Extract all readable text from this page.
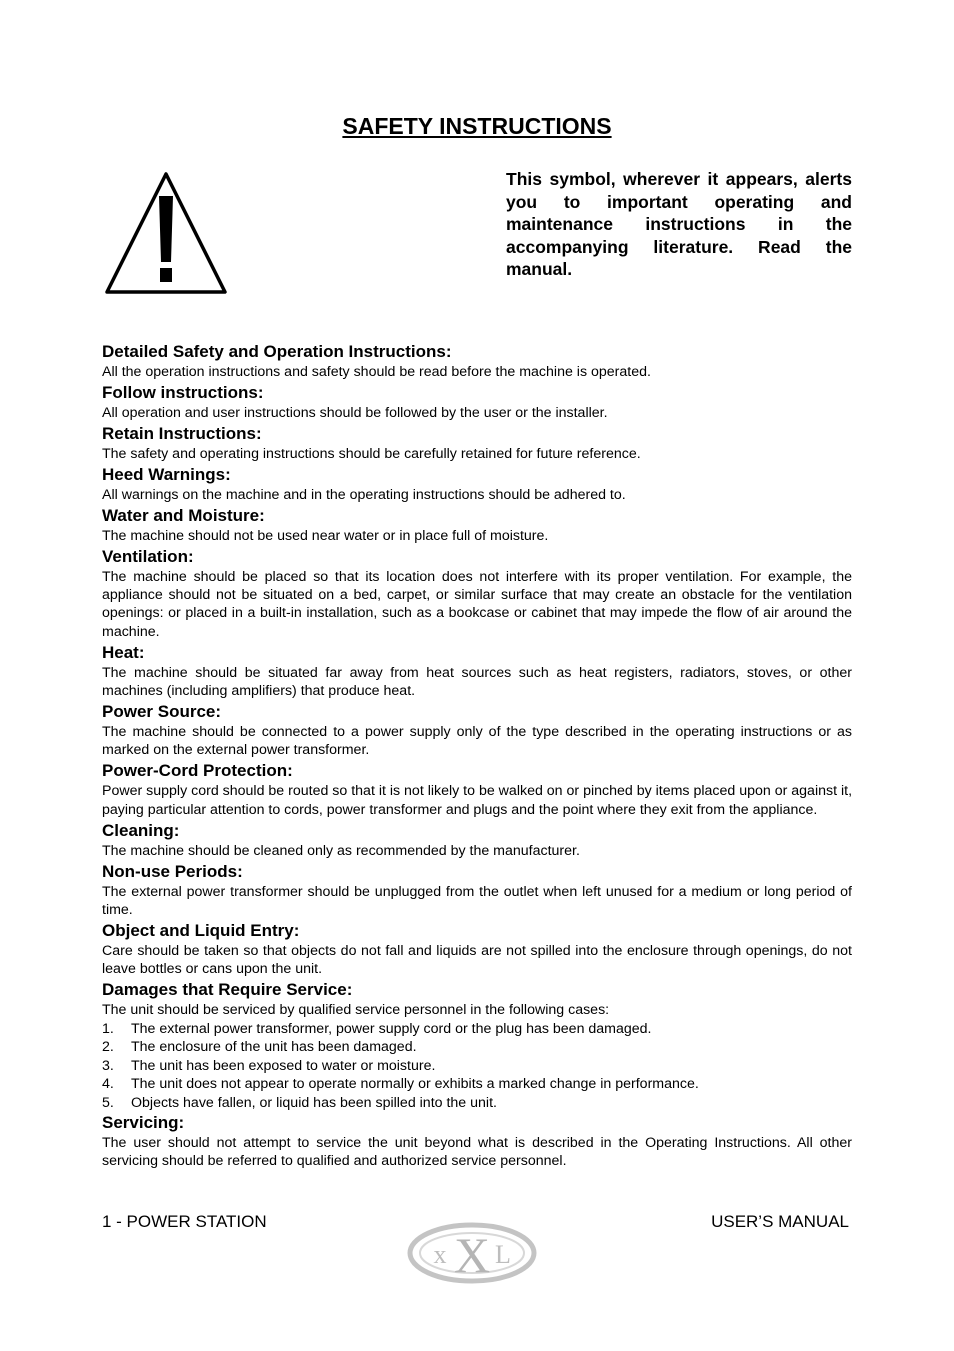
SAFETY INSTRUCTIONS

This symbol, wherever it appears, alerts you to important operating and maintenance instructions in the accompanying literature. Read the manual.

Detailed Safety and Operation Instructions:

All the operation instructions and safety should be read before the machine is operated.

Follow instructions:

All operation and user instructions should be followed by the user or the installer.

Retain Instructions:

The safety and operating instructions should be carefully retained for future reference.

Heed Warnings:

All warnings on the machine and in the operating instructions should be adhered to.

Water and Moisture:

The machine should not be used near water or in place full of moisture.

Ventilation:

The machine should be placed so that its location does not interfere with its proper ventilation. For example, the appliance should not be situated on a bed, carpet, or similar surface that may create an obstacle for the ventilation openings: or placed in a built-in installation, such as a bookcase or cabinet that may impede the flow of air around the machine.

Heat:

The machine should be situated far away from heat sources such as heat registers, radiators, stoves, or other machines (including amplifiers) that produce heat.

Power Source:

The machine should be connected to a power supply only of the type described in the operating instructions or as marked on the external power transformer.

Power-Cord Protection:

Power supply cord should be routed so that it is not likely to be walked on or pinched by items placed upon or against it, paying particular attention to cords, power transformer and plugs and the point where they exit from the appliance.

Cleaning:

The machine should be cleaned only as recommended by the manufacturer.

Non-use Periods:

The external power transformer should be unplugged from the outlet when left unused for a medium or long period of time.

Object and Liquid Entry:

Care should be taken so that objects do not fall and liquids are not spilled into the enclosure through openings, do not leave bottles or cans upon the unit.

Damages that Require Service:

The unit should be serviced by qualified service personnel in the following cases:

1.	The external power transformer, power supply cord or the plug has been damaged.
2.	The enclosure of the unit has been damaged.
3.	The unit has been exposed to water or moisture.
4.	The unit does not appear to operate normally or exhibits a marked change in performance.
5.	Objects have fallen, or liquid has been spilled into the unit.
Servicing:

The user should not attempt to service the unit beyond what is described in the Operating Instructions. All other servicing should be referred to qualified and authorized service personnel.

1 - POWER STATION	USER’S MANUAL

x X L
